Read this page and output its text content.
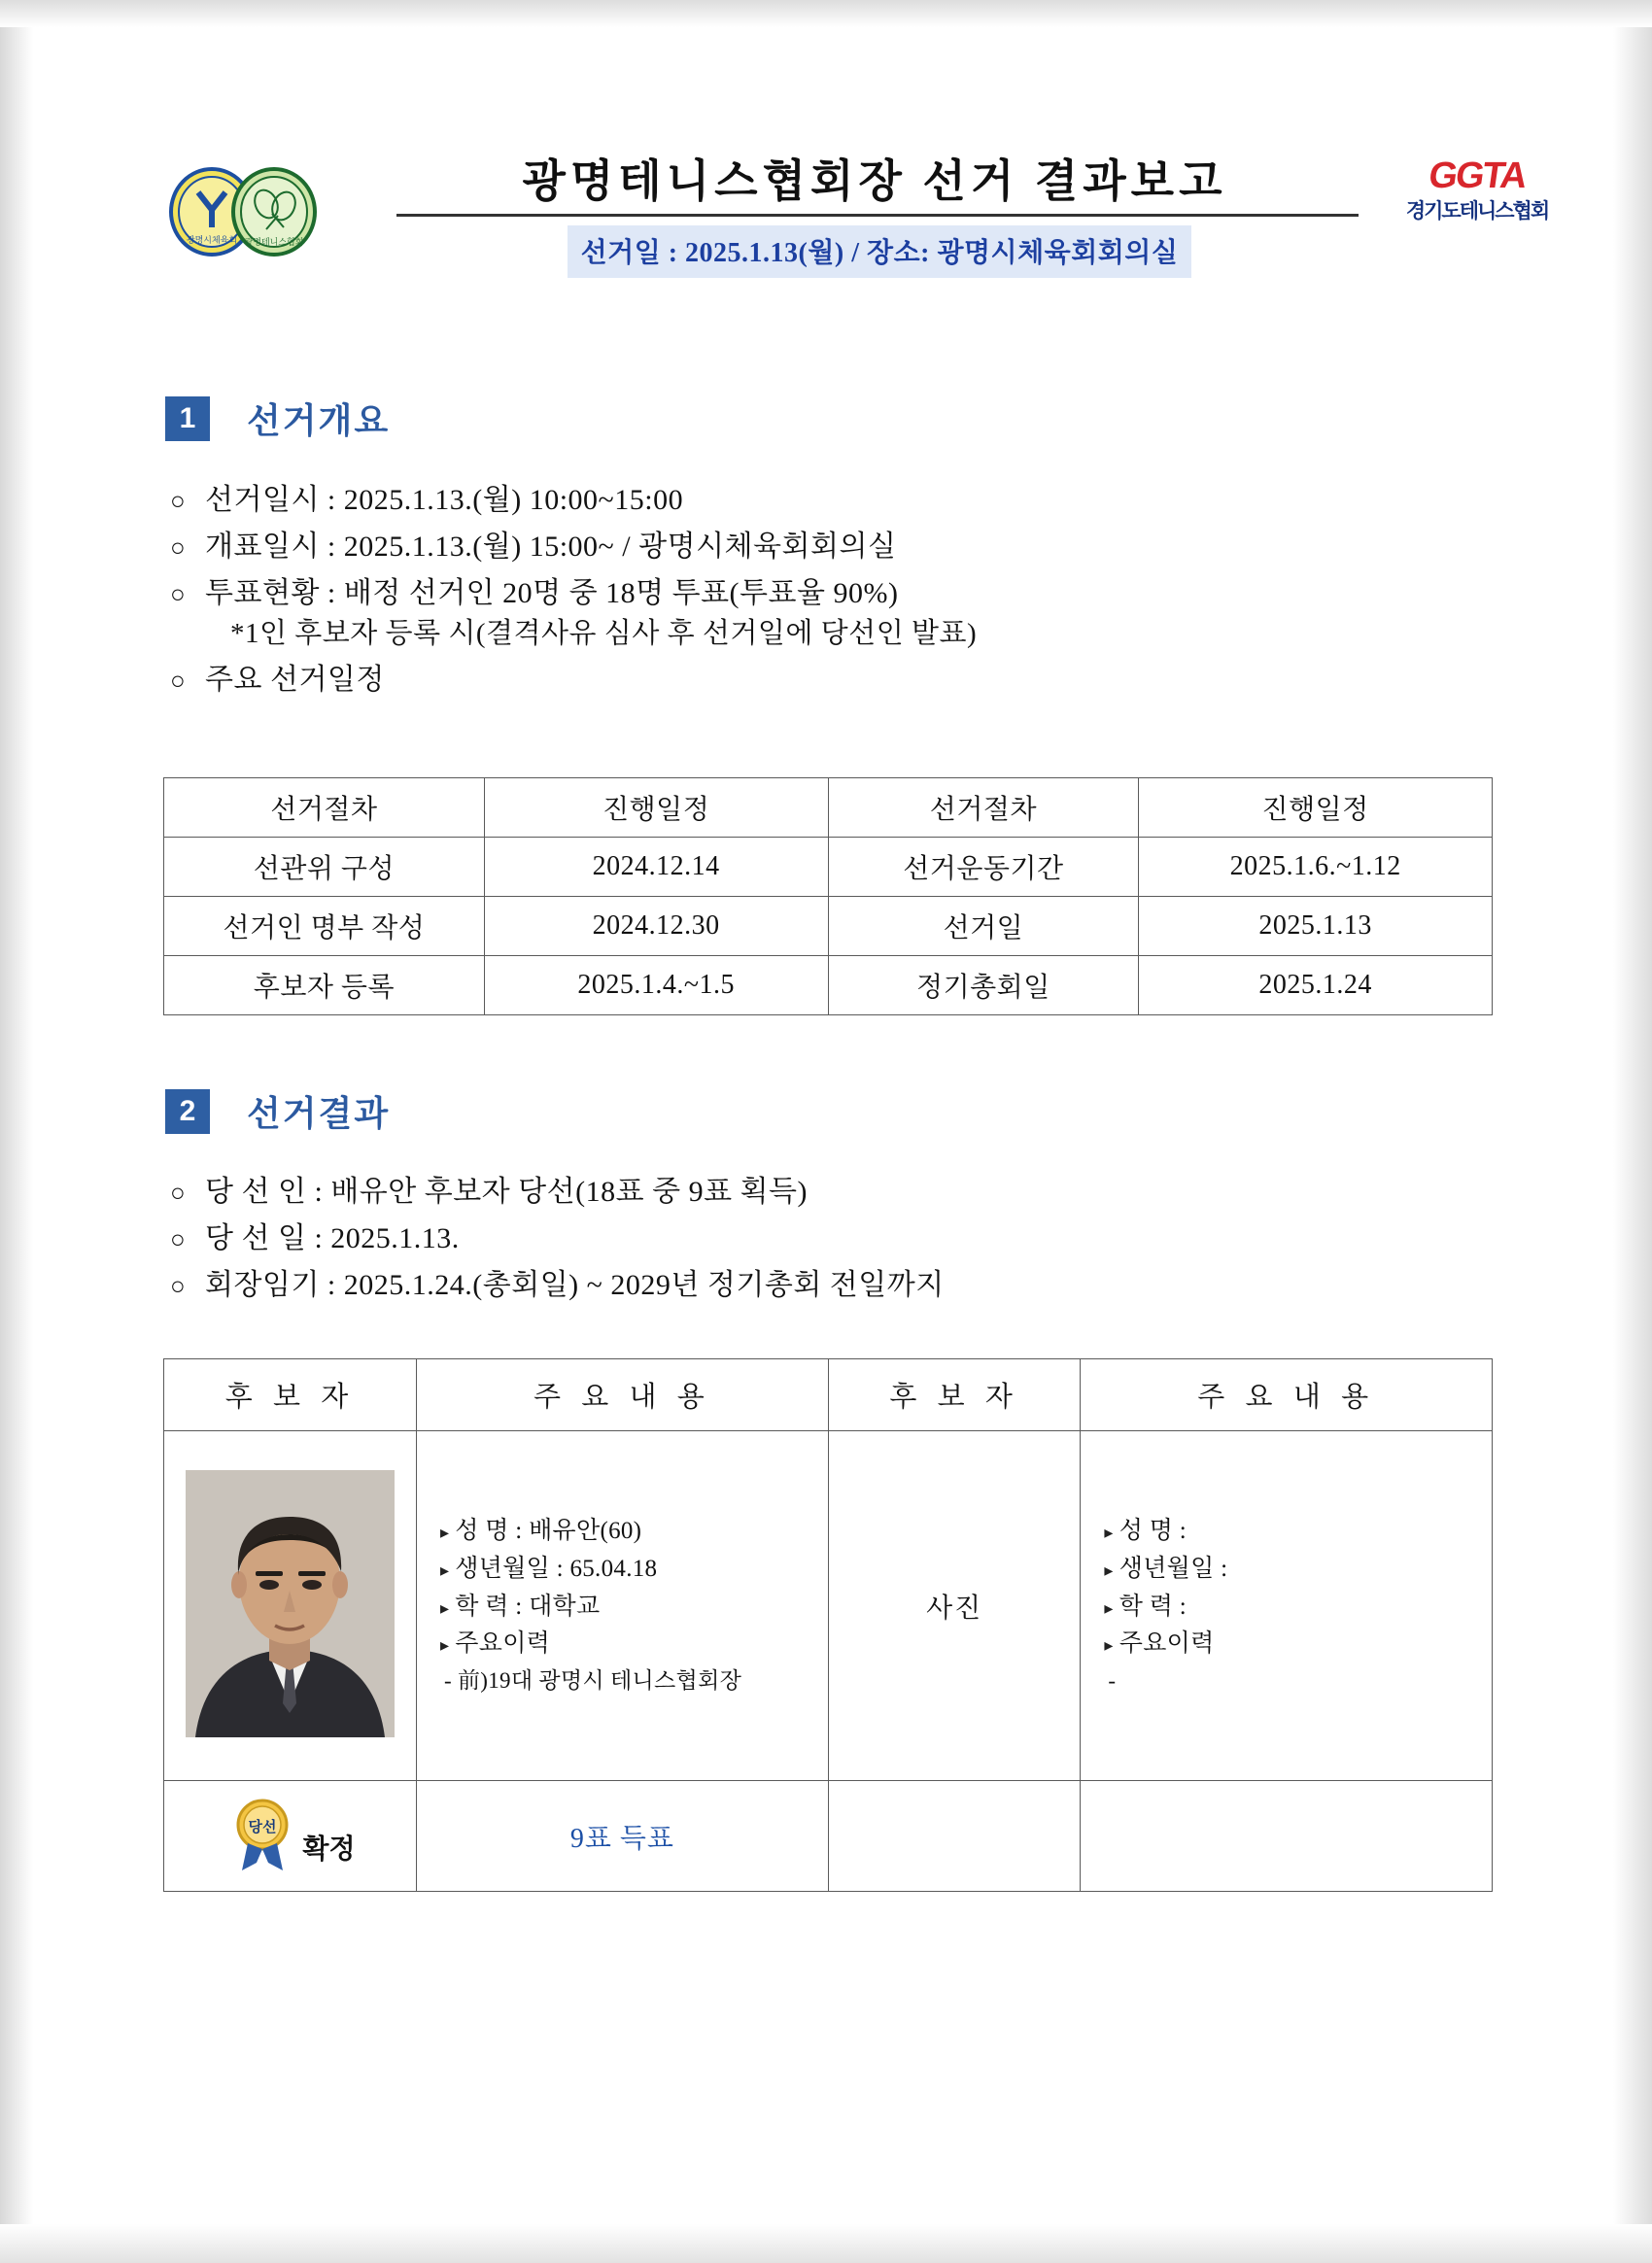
광명시체육회 광명테니스협회
광명테니스협회장 선거 결과보고
선거일 : 2025.1.13(월) / 장소: 광명시체육회회의실
GGTA
경기도테니스협회
1	선거개요
○ 선거일시 : 2025.1.13.(월) 10:00~15:00
○ 개표일시 : 2025.1.13.(월) 15:00~ / 광명시체육회회의실
○ 투표현황 : 배정 선거인 20명 중 18명 투표(투표율 90%)
*1인 후보자 등록 시(결격사유 심사 후 선거일에 당선인 발표)
○ 주요 선거일정
선거절차	진행일정	선거절차	진행일정
선관위 구성	2024.12.14	선거운동기간	2025.1.6.~1.12
선거인 명부 작성	2024.12.30	선거일	2025.1.13
후보자 등록	2025.1.4.~1.5	정기총회일	2025.1.24
2	선거결과
○ 당 선 인 : 배유안 후보자 당선(18표 중 9표 획득)
○ 당 선 일 : 2025.1.13.
○ 회장임기 : 2025.1.24.(총회일) ~ 2029년 정기총회 전일까지
후 보 자	주 요 내 용	후 보 자	주 요 내 용

▸ 성 명 : 배유안(60)
▸ 생년월일 : 65.04.18
▸ 학 력 : 대학교
▸ 주요이력
- 前)19대 광명시 테니스협회장
	사진	
▸ 성 명 :
▸ 생년월일 :
▸ 학 력 :
▸ 주요이력
-

당선
확정	9표 득표		
